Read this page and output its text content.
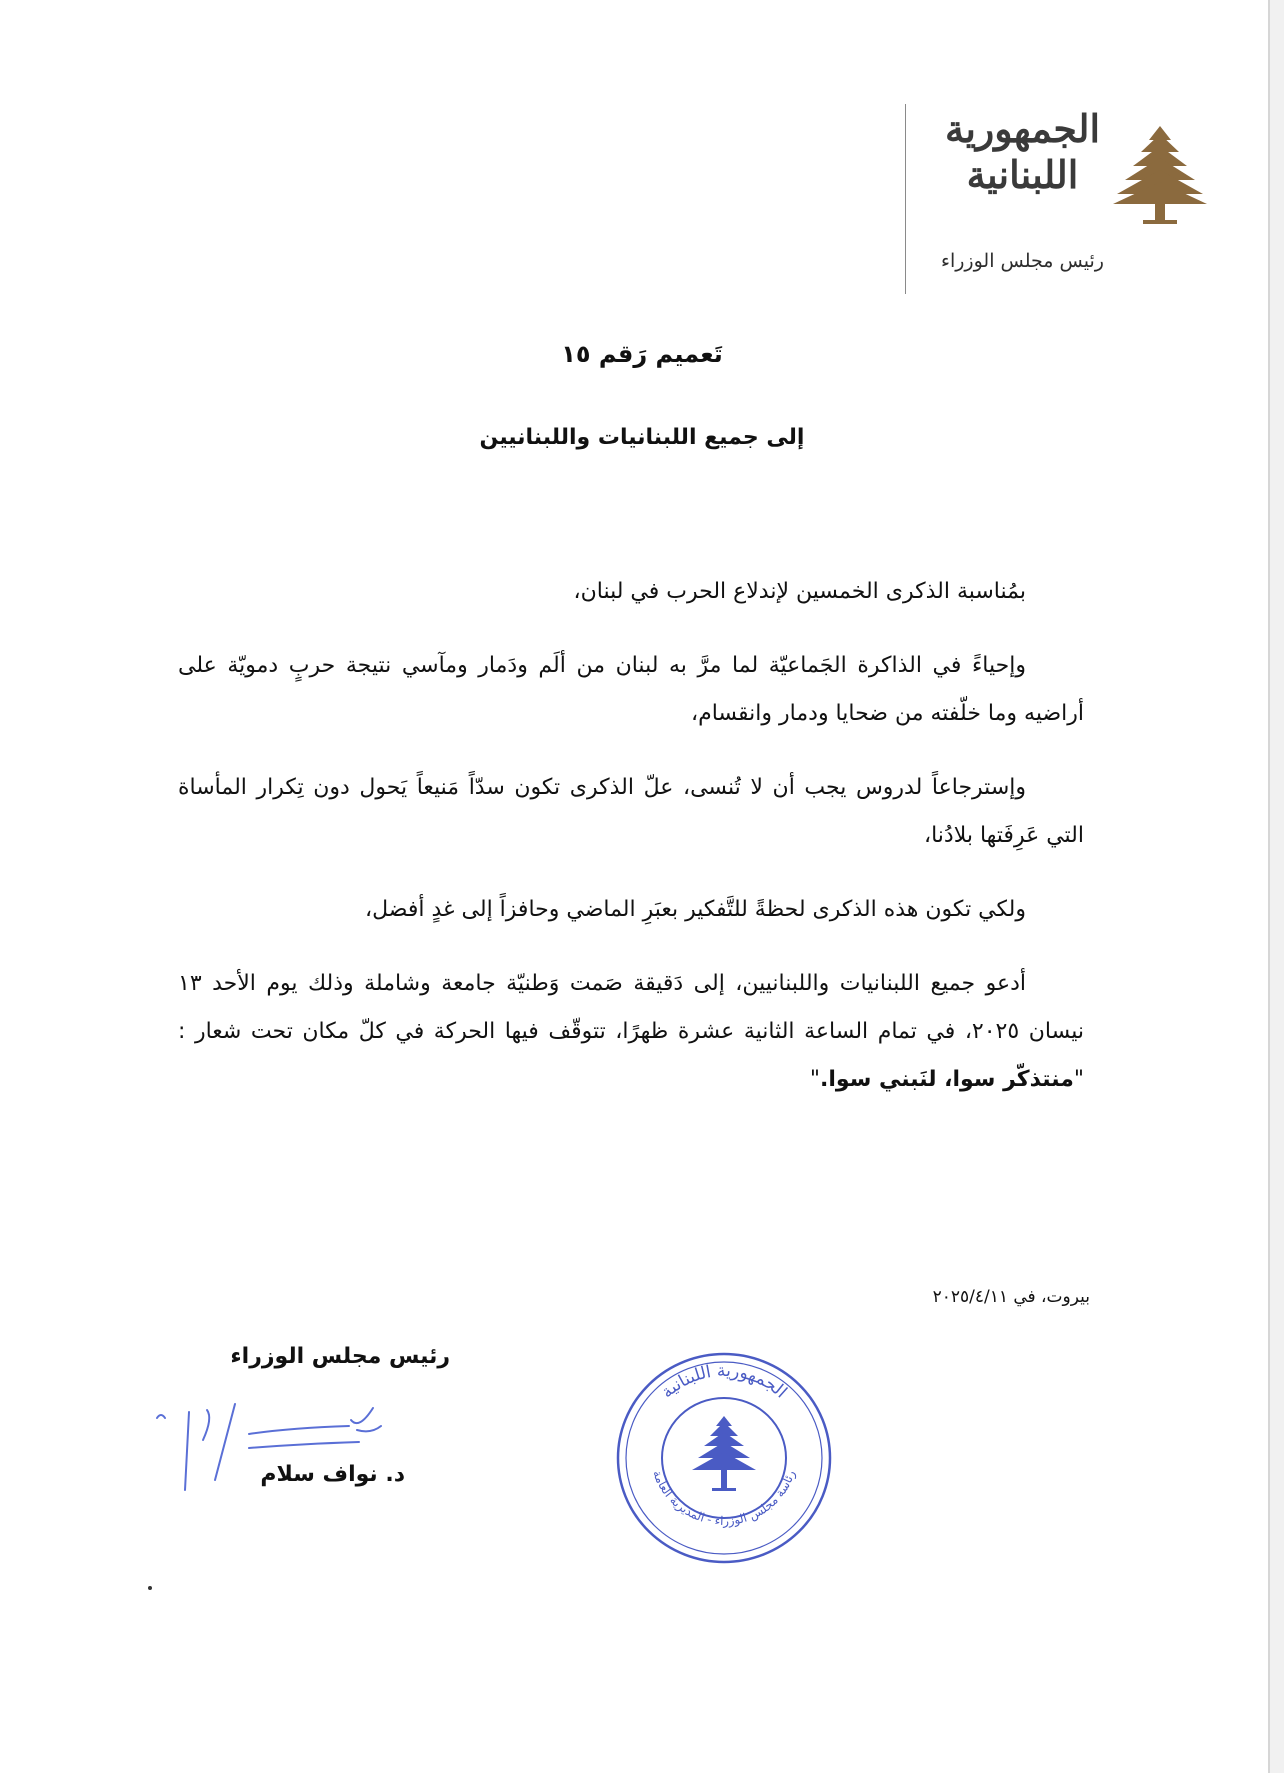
الجمهورية
اللبنانية
رئيس مجلس الوزراء
تَعميم رَقم ١٥
إلى جميع اللبنانيات واللبنانيين

بمُناسبة الذكرى الخمسين لإندلاع الحرب في لبنان،

وإحياءً في الذاكرة الجَماعيّة لما مرَّ به لبنان من ألَم ودَمار ومآسي نتيجة حربٍ دمويّة على أراضيه وما خلّفته من ضحايا ودمار وانقسام،

وإسترجاعاً لدروس يجب أن لا تُنسى، علّ الذكرى تكون سدّاً مَنيعاً يَحول دون تِكرار المأساة التي عَرِفَتها بلادُنا،

ولكي تكون هذه الذكرى لحظةً للتَّفكير بعبَرِ الماضي وحافزاً إلى غدٍ أفضل،

أدعو جميع اللبنانيات واللبنانيين، إلى دَقيقة صَمت وَطنيّة جامعة وشاملة وذلك يوم الأحد ١٣ نيسان ٢٠٢٥، في تمام الساعة الثانية عشرة ظهرًا، تتوقّف فيها الحركة في كلّ مكان تحت شعار : "منتذكّر سوا، لنَبني سوا."

بيروت، في ٢٠٢٥/٤/١١
رئيس مجلس الوزراء
د. نواف سلام
الجمهورية اللبنانية
رئاسة مجلس الوزراء - المديرية العامة
